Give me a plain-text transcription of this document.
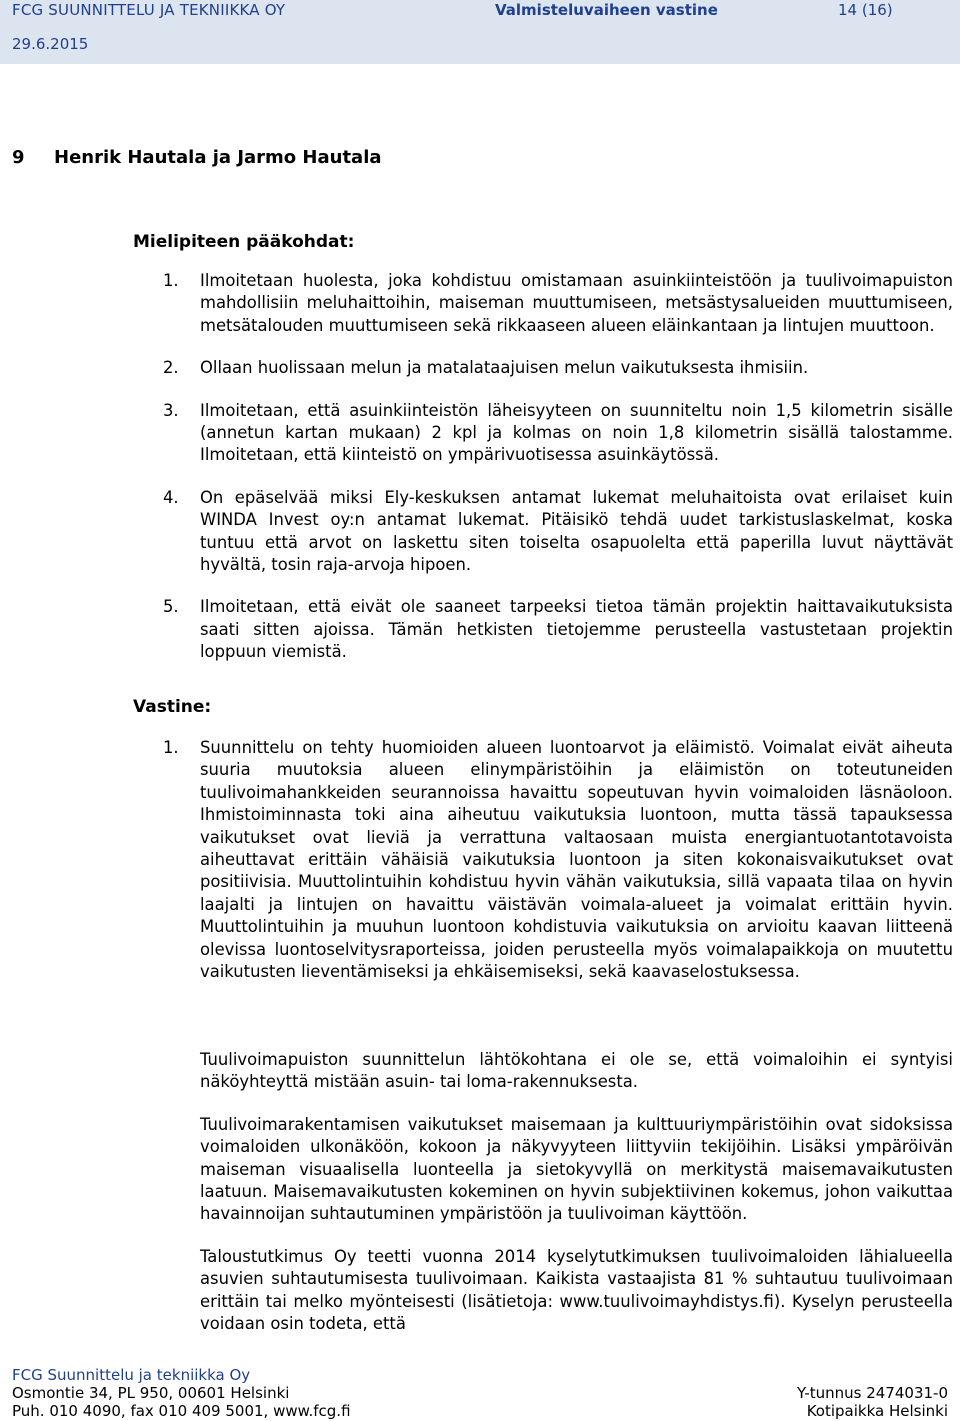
FCG SUUNNITTELU JA TEKNIIKKA OY	Valmisteluvaiheen vastine	14 (16)
29.6.2015
9 Henrik Hautala ja Jarmo Hautala
Mielipiteen pääkohdat:
1. Ilmoitetaan huolesta, joka kohdistuu omistamaan asuinkiinteistöön ja tuulivoimapuiston mahdollisiin meluhaittoihin, maiseman muuttumiseen, metsästysalueiden muuttumiseen, metsätalouden muuttumiseen sekä rikkaaseen alueen eläinkantaan ja lintujen muuttoon.
2. Ollaan huolissaan melun ja matalataajuisen melun vaikutuksesta ihmisiin.
3. Ilmoitetaan, että asuinkiinteistön läheisyyteen on suunniteltu noin 1,5 kilometrin sisälle (annetun kartan mukaan) 2 kpl ja kolmas on noin 1,8 kilometrin sisällä talostamme. Ilmoitetaan, että kiinteistö on ympärivuotisessa asuinkäytössä.
4. On epäselvää miksi Ely-keskuksen antamat lukemat meluhaitoista ovat erilaiset kuin WINDA Invest oy:n antamat lukemat. Pitäisikö tehdä uudet tarkistuslaskelmat, koska tuntuu että arvot on laskettu siten toiselta osapuolelta että paperilla luvut näyttävät hyvältä, tosin raja-arvoja hipoen.
5. Ilmoitetaan, että eivät ole saaneet tarpeeksi tietoa tämän projektin haittavaikutuksista saati sitten ajoissa. Tämän hetkisten tietojemme perusteella vastustetaan projektin loppuun viemistä.
Vastine:
1. Suunnittelu on tehty huomioiden alueen luontoarvot ja eläimistö. Voimalat eivät aiheuta suuria muutoksia alueen elinympäristöihin ja eläimistön on toteutuneiden tuulivoimahankkeiden seurannoissa havaittu sopeutuvan hyvin voimaloiden läsnäoloon. Ihmistoiminnasta toki aina aiheutuu vaikutuksia luontoon, mutta tässä tapauksessa vaikutukset ovat lieviä ja verrattuna valtaosaan muista energiantuotantotavoista aiheuttavat erittäin vähäisiä vaikutuksia luontoon ja siten kokonaisvaikutukset ovat positiivisia. Muuttolintuihin kohdistuu hyvin vähän vaikutuksia, sillä vapaata tilaa on hyvin laajalti ja lintujen on havaittu väistävän voimala-alueet ja voimalat erittäin hyvin. Muuttolintuihin ja muuhun luontoon kohdistuvia vaikutuksia on arvioitu kaavan liitteenä olevissa luontoselvitysraporteissa, joiden perusteella myös voimalapaikkoja on muutettu vaikutusten lieventämiseksi ja ehkäisemiseksi, sekä kaavaselostuksessa.

Tuulivoimapuiston suunnittelun lähtökohtana ei ole se, että voimaloihin ei syntyisi näköyhteyttä mistään asuin- tai loma-rakennuksesta.

Tuulivoimarakentamisen vaikutukset maisemaan ja kulttuuriympäristöihin ovat sidoksissa voimaloiden ulkonäköön, kokoon ja näkyvyyteen liittyviin tekijöihin. Lisäksi ympäröivän maiseman visuaalisella luonteella ja sietokyvyllä on merkitystä maisemavaikutusten laatuun. Maisemavaikutusten kokeminen on hyvin subjektiivinen kokemus, johon vaikuttaa havainnoijan suhtautuminen ympäristöön ja tuulivoiman käyttöön.

Taloustutkimus Oy teetti vuonna 2014 kyselytutkimuksen tuulivoimaloiden lähialueella asuvien suhtautumisesta tuulivoimaan. Kaikista vastaajista 81 % suhtautuu tuulivoimaan erittäin tai melko myönteisesti (lisätietoja: www.tuulivoimayhdistys.fi). Kyselyn perusteella voidaan osin todeta, että

FCG Suunnittelu ja tekniikka Oy
Osmontie 34, PL 950, 00601 Helsinki
Puh. 010 4090, fax 010 409 5001, www.fcg.fi
Y-tunnus 2474031-0
Kotipaikka Helsinki
